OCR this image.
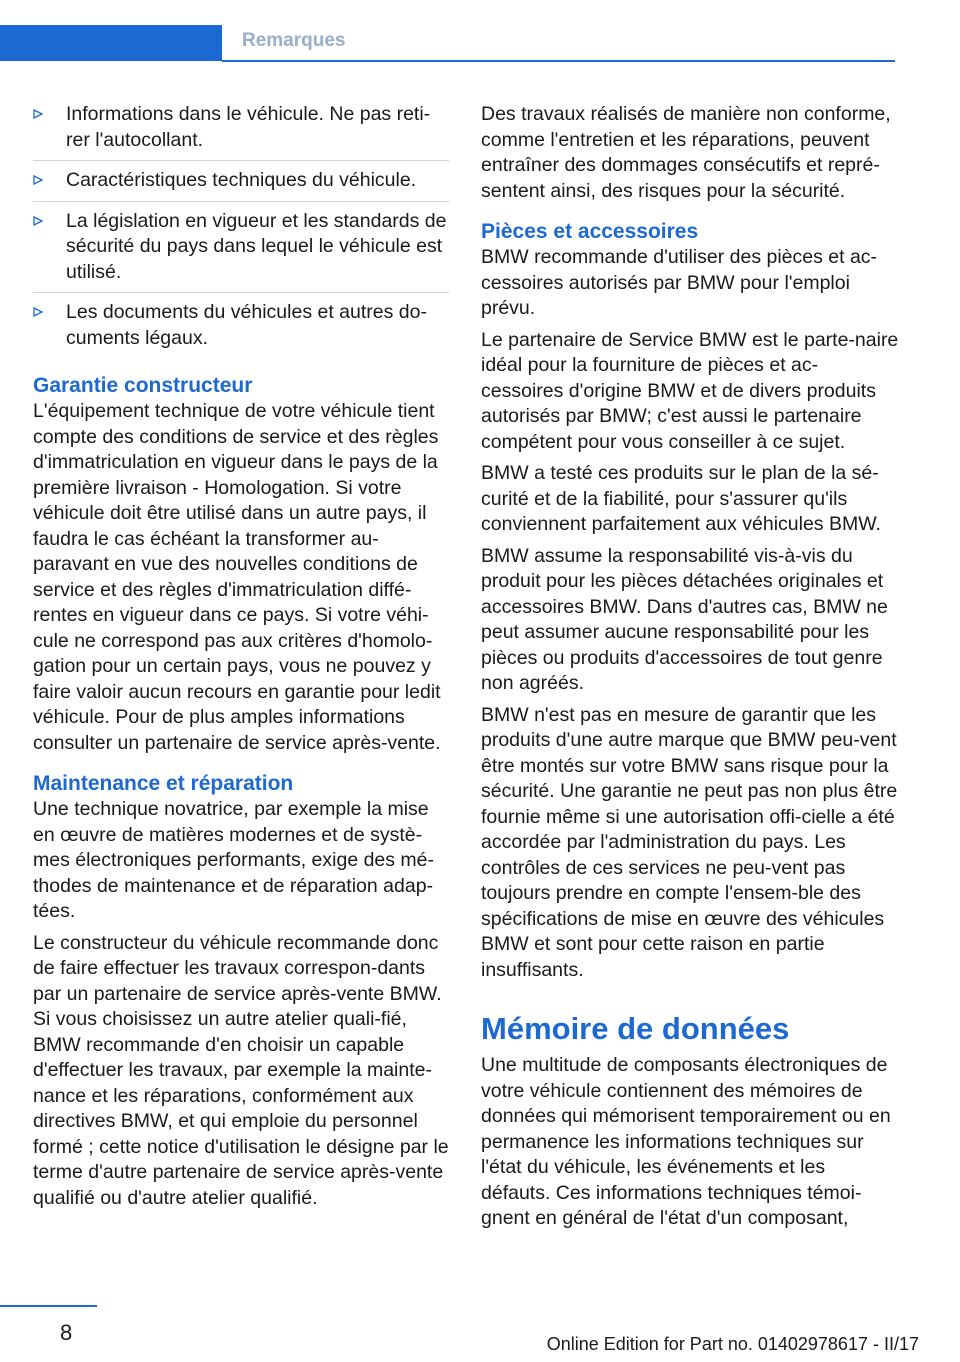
Remarques
Informations dans le véhicule. Ne pas reti‐rer l'autocollant.
Caractéristiques techniques du véhicule.
La législation en vigueur et les standards de sécurité du pays dans lequel le véhicule est utilisé.
Les documents du véhicules et autres do‐cuments légaux.
Garantie constructeur

L'équipement technique de votre véhicule tient compte des conditions de service et des règles d'immatriculation en vigueur dans le pays de la première livraison - Homologation. Si votre véhicule doit être utilisé dans un autre pays, il faudra le cas échéant la transformer au‐paravant en vue des nouvelles conditions de service et des règles d'immatriculation diffé‐rentes en vigueur dans ce pays. Si votre véhi‐cule ne correspond pas aux critères d'homolo‐gation pour un certain pays, vous ne pouvez y faire valoir aucun recours en garantie pour ledit véhicule. Pour de plus amples informations consulter un partenaire de service après-vente.

Maintenance et réparation

Une technique novatrice, par exemple la mise en œuvre de matières modernes et de systè‐mes électroniques performants, exige des mé‐thodes de maintenance et de réparation adap‐tées.

Le constructeur du véhicule recommande donc de faire effectuer les travaux correspon‐dants par un partenaire de service après-vente BMW. Si vous choisissez un autre atelier quali‐fié, BMW recommande d'en choisir un capable d'effectuer les travaux, par exemple la mainte‐nance et les réparations, conformément aux directives BMW, et qui emploie du personnel formé ; cette notice d'utilisation le désigne par le terme d'autre partenaire de service après-vente qualifié ou d'autre atelier qualifié.

Des travaux réalisés de manière non conforme, comme l'entretien et les réparations, peuvent entraîner des dommages consécutifs et repré‐sentent ainsi, des risques pour la sécurité.

Pièces et accessoires

BMW recommande d'utiliser des pièces et ac‐cessoires autorisés par BMW pour l'emploi prévu.

Le partenaire de Service BMW est le parte‐naire idéal pour la fourniture de pièces et ac‐cessoires d'origine BMW et de divers produits autorisés par BMW; c'est aussi le partenaire compétent pour vous conseiller à ce sujet.

BMW a testé ces produits sur le plan de la sé‐curité et de la fiabilité, pour s'assurer qu'ils conviennent parfaitement aux véhicules BMW.

BMW assume la responsabilité vis-à-vis du produit pour les pièces détachées originales et accessoires BMW. Dans d'autres cas, BMW ne peut assumer aucune responsabilité pour les pièces ou produits d'accessoires de tout genre non agréés.

BMW n'est pas en mesure de garantir que les produits d'une autre marque que BMW peu‐vent être montés sur votre BMW sans risque pour la sécurité. Une garantie ne peut pas non plus être fournie même si une autorisation offi‐cielle a été accordée par l'administration du pays. Les contrôles de ces services ne peu‐vent pas toujours prendre en compte l'ensem‐ble des spécifications de mise en œuvre des véhicules BMW et sont pour cette raison en partie insuffisants.

Mémoire de données

Une multitude de composants électroniques de votre véhicule contiennent des mémoires de données qui mémorisent temporairement ou en permanence les informations techniques sur l'état du véhicule, les événements et les défauts. Ces informations techniques témoi‐gnent en général de l'état d'un composant,

8	Online Edition for Part no. 01402978617 - II/17
